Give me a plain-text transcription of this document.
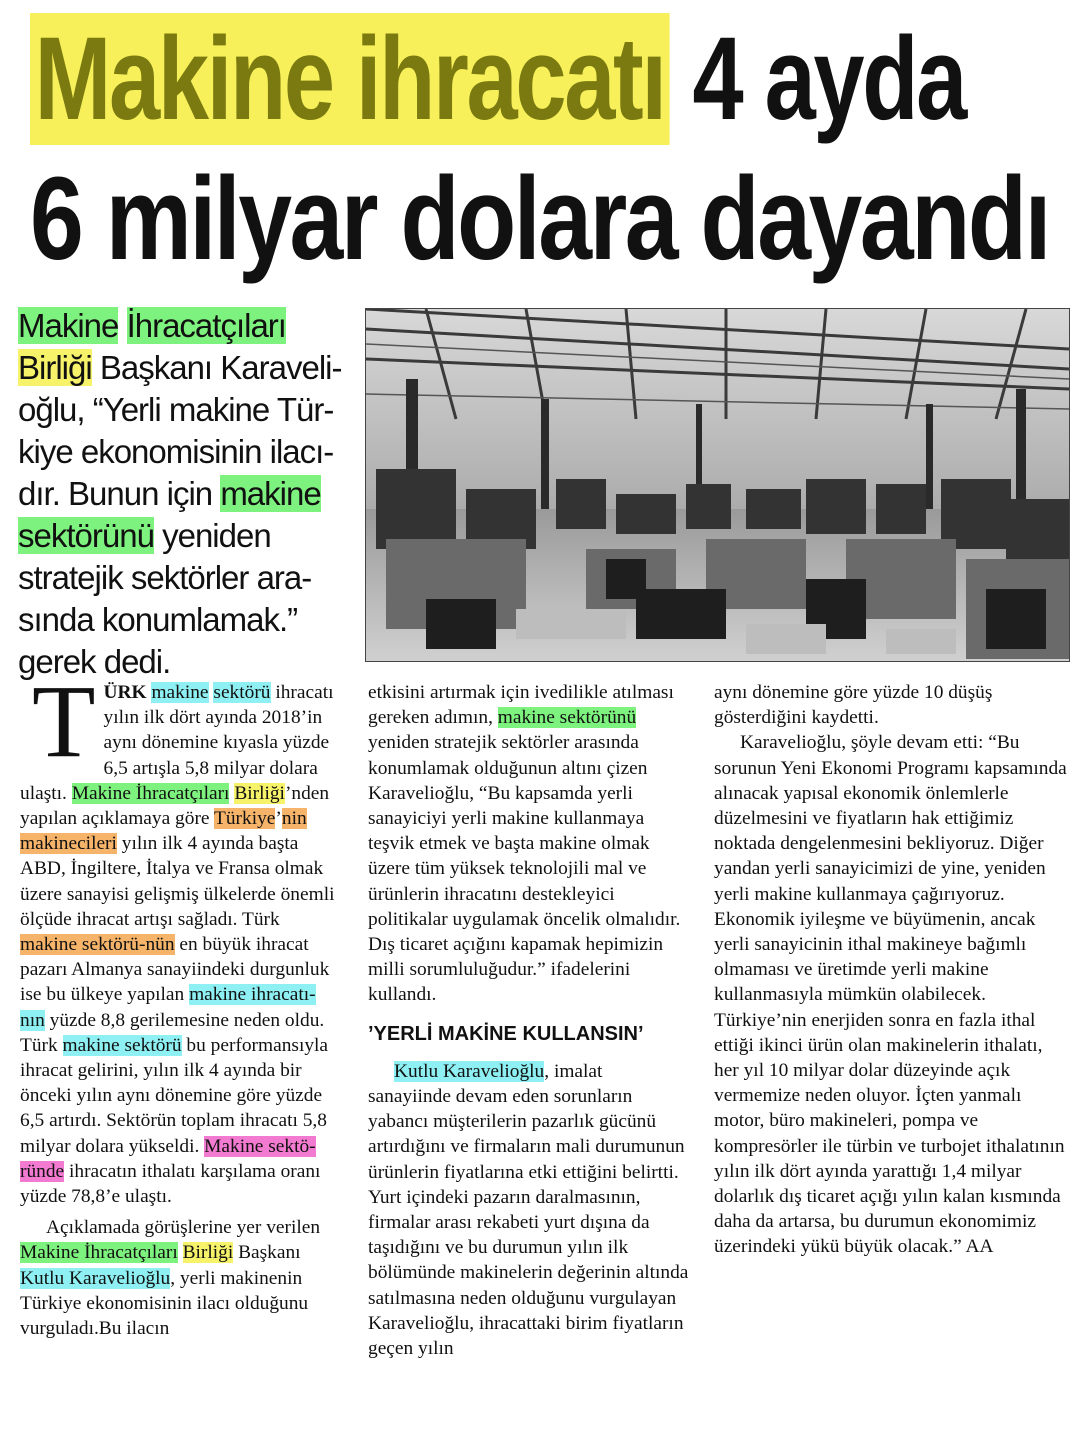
Makine ihracatı 4 ayda
6 milyar dolara dayandı

Makine İhracatçıları Birliği Başkanı Karaveli-oğlu, “Yerli makine Tür-kiye ekonomisinin ilacı-dır. Bunun için makine sektörünü yeniden stratejik sektörler ara-sında konumlamak.” gerek dedi.

TÜRK makine sektörü ihracatı yılın ilk dört ayında 2018’in aynı dönemine kıyasla yüzde 6,5 artışla 5,8 milyar dolara ulaştı. Makine İhracatçıları Birliği’nden yapılan açıklamaya göre Türkiye’nin makinecileri yılın ilk 4 ayında başta ABD, İngiltere, İtalya ve Fransa olmak üzere sanayisi gelişmiş ülkelerde önemli ölçüde ihracat artışı sağladı. Türk makine sektörü-nün en büyük ihracat pazarı Almanya sanayiindeki durgunluk ise bu ülkeye yapılan makine ihracatı-nın yüzde 8,8 gerilemesine neden oldu. Türk makine sektörü bu performansıyla ihracat gelirini, yılın ilk 4 ayında bir önceki yılın aynı dönemine göre yüzde 6,5 artırdı. Sektörün toplam ihracatı 5,8 milyar dolara yükseldi. Makine sektö-ründe ihracatın ithalatı karşılama oranı yüzde 78,8’e ulaştı.

Açıklamada görüşlerine yer verilen Makine İhracatçıları Birliği Başkanı Kutlu Karavelioğlu, yerli makinenin Türkiye ekonomisinin ilacı olduğunu vurguladı.Bu ilacın

etkisini artırmak için ivedilikle atılması gereken adımın, makine sektörünü yeniden stratejik sektörler arasında konumlamak olduğunun altını çizen Karavelioğlu, “Bu kapsamda yerli sanayiciyi yerli makine kullanmaya teşvik etmek ve başta makine olmak üzere tüm yüksek teknolojili mal ve ürünlerin ihracatını destekleyici politikalar uygulamak öncelik olmalıdır. Dış ticaret açığını kapamak hepimizin milli sorumluluğudur.” ifadelerini kullandı.

’YERLİ MAKİNE KULLANSIN’

Kutlu Karavelioğlu, imalat sanayiinde devam eden sorunların yabancı müşterilerin pazarlık gücünü artırdığını ve firmaların mali durumunun ürünlerin fiyatlarına etki ettiğini belirtti. Yurt içindeki pazarın daralmasının, firmalar arası rekabeti yurt dışına da taşıdığını ve bu durumun yılın ilk bölümünde makinelerin değerinin altında satılmasına neden olduğunu vurgulayan Karavelioğlu, ihracattaki birim fiyatların geçen yılın

aynı dönemine göre yüzde 10 düşüş gösterdiğini kaydetti.

Karavelioğlu, şöyle devam etti: “Bu sorunun Yeni Ekonomi Programı kapsamında alınacak yapısal ekonomik önlemlerle düzelmesini ve fiyatların hak ettiğimiz noktada dengelenmesini bekliyoruz. Diğer yandan yerli sanayicimizi de yine, yeniden yerli makine kullanmaya çağırıyoruz. Ekonomik iyileşme ve büyümenin, ancak yerli sanayicinin ithal makineye bağımlı olmaması ve üretimde yerli makine kullanmasıyla mümkün olabilecek. Türkiye’nin enerjiden sonra en fazla ithal ettiği ikinci ürün olan makinelerin ithalatı, her yıl 10 milyar dolar düzeyinde açık vermemize neden oluyor. İçten yanmalı motor, büro makineleri, pompa ve kompresörler ile türbin ve turbojet ithalatının yılın ilk dört ayında yarattığı 1,4 milyar dolarlık dış ticaret açığı yılın kalan kısmında daha da artarsa, bu durumun ekonomimiz üzerindeki yükü büyük olacak.” AA
